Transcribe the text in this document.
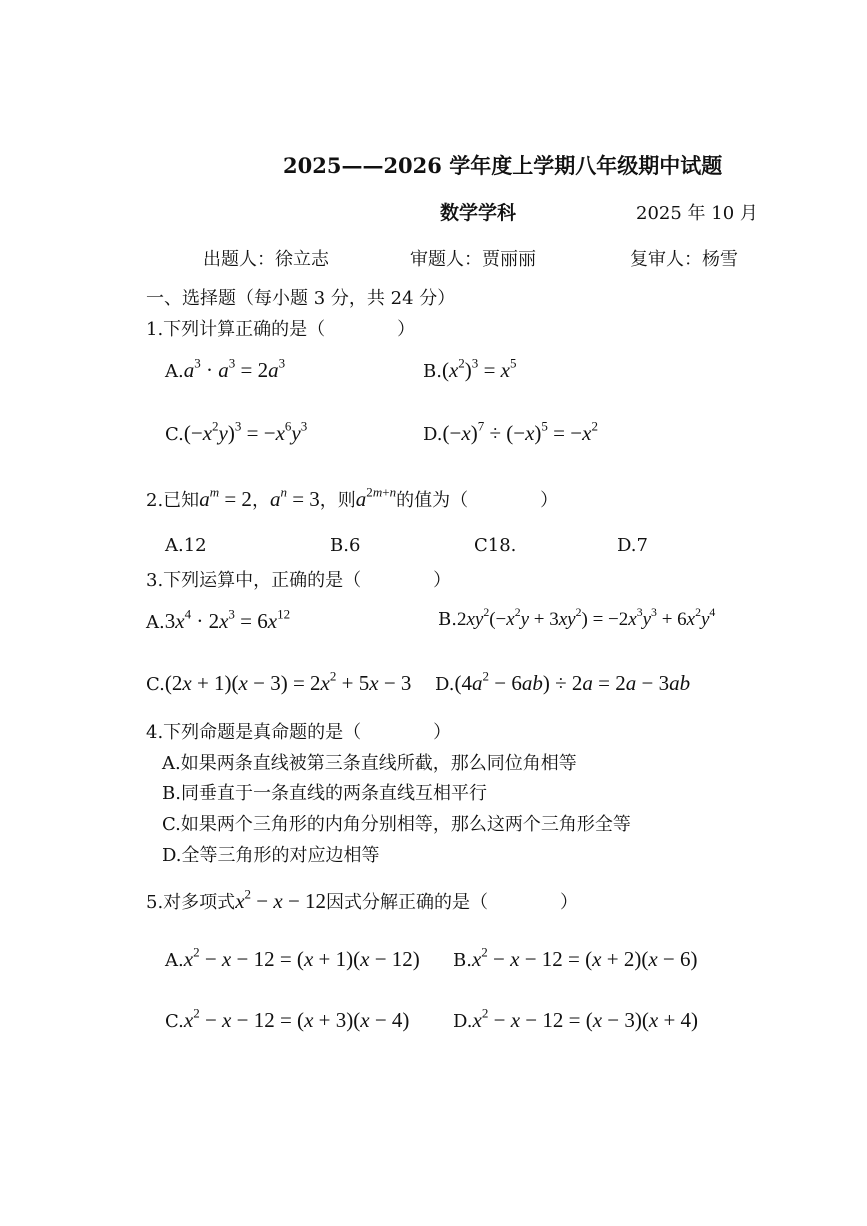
2025——2026 学年度上学期八年级期中试题
数学学科	2025 年 10 月
出题人：徐立志	审题人：贾丽丽	复审人：杨雪
一、选择题（每小题 3 分，共 24 分）
1.下列计算正确的是（　　　　）
$A.a^3 \cdot a^3 = 2a^3$	$B.(x^2)^3 = x^5$
$C.(-x^2y)^3 = -x^6y^3$	$D.(-x)^7 \div (-x)^5 = -x^2$
2.已知$a^m = 2$，$a^n = 3$，则$a^{2m+n}$的值为（　　　　）
A.12	B.6	C18.	D.7
3.下列运算中，正确的是（　　　　）
$A.3x^4 \cdot 2x^3 = 6x^{12}$	$B.2xy^2(-x^2y + 3xy^2) = -2x^3y^3 + 6x^2y^4$
$C.(2x + 1)(x - 3) = 2x^2 + 5x - 3$ $D.(4a^2 - 6ab) \div 2a = 2a - 3ab$
4.下列命题是真命题的是（　　　　）
A.如果两条直线被第三条直线所截，那么同位角相等
B.同垂直于一条直线的两条直线互相平行
C.如果两个三角形的内角分别相等，那么这两个三角形全等
D.全等三角形的对应边相等
5.对多项式$x^2 - x - 12$因式分解正确的是（　　　　）
$A.x^2 - x - 12 = (x + 1)(x - 12) B.x^2 - x - 12 = (x + 2)(x - 6)$
$C.x^2 - x - 12 = (x + 3)(x - 4) D.x^2 - x - 12 = (x - 3)(x + 4)$
